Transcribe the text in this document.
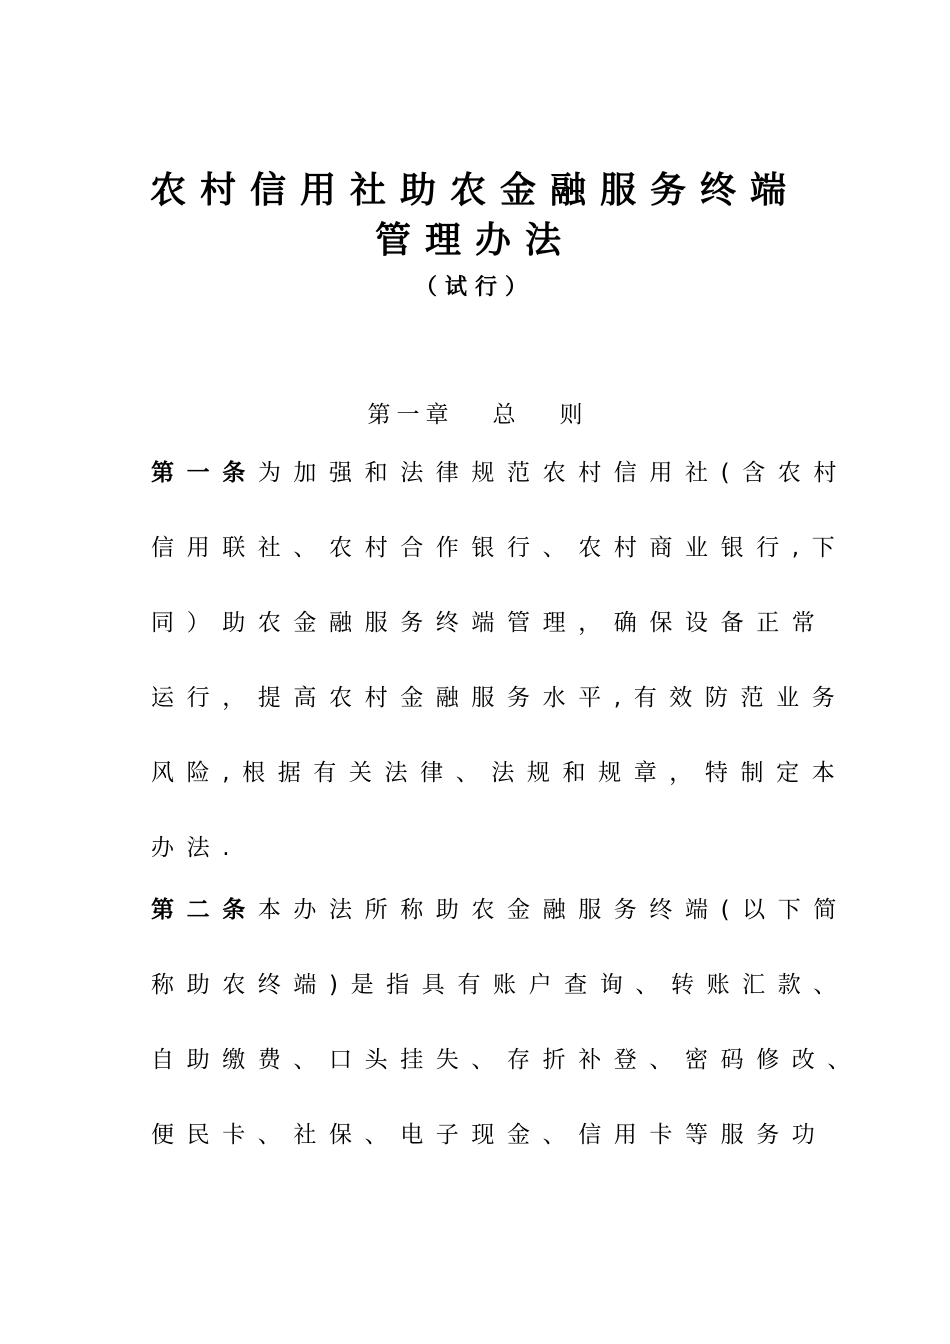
农村信用社助农金融服务终端
管理办法
（试行）
第一章 总 则
第一条为加强和法律规范农村信用社(含农村
信用联社、农村合作银行、农村商业银行,下
同）助农金融服务终端管理，确保设备正常
运行，提高农村金融服务水平,有效防范业务
风险,根据有关法律、法规和规章，特制定本
办法.
第二条本办法所称助农金融服务终端(以下简
称助农终端)是指具有账户查询、转账汇款、
自助缴费、口头挂失、存折补登、密码修改、
便民卡、社保、电子现金、信用卡等服务功
